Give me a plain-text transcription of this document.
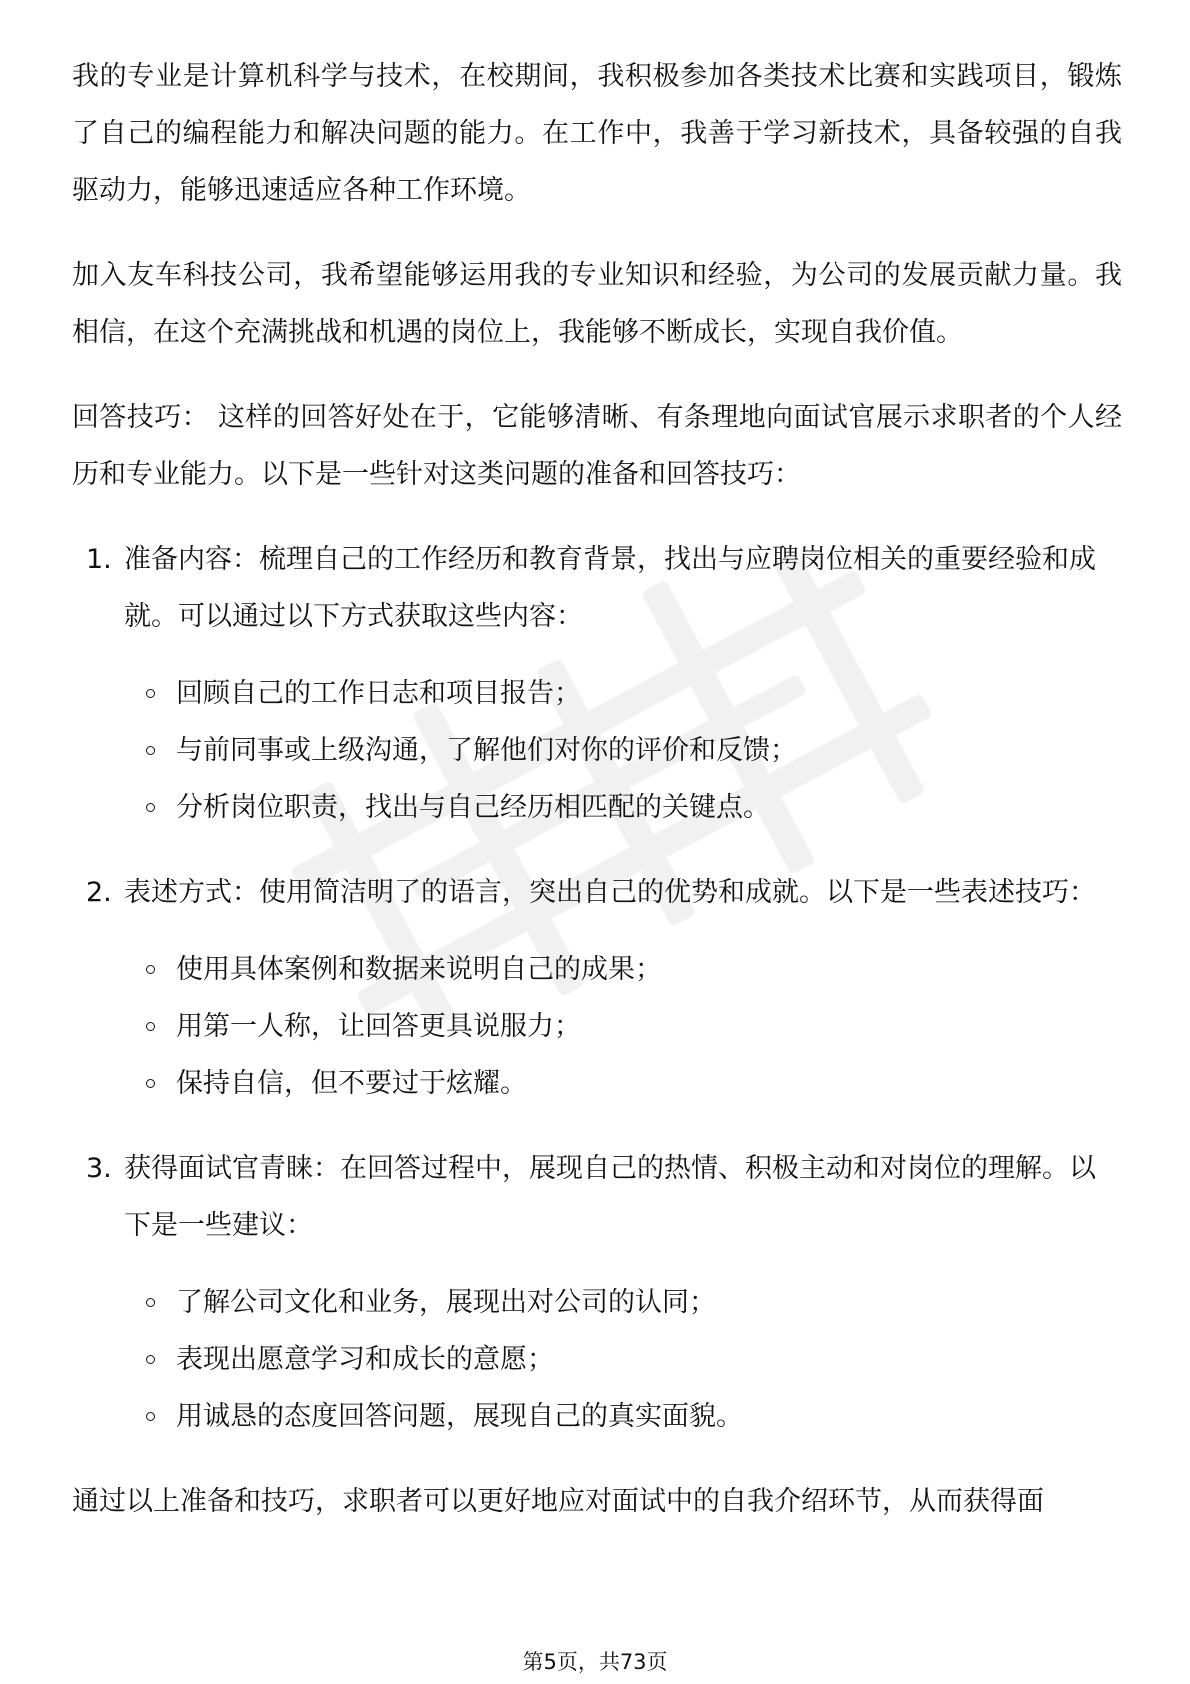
我的专业是计算机科学与技术，在校期间，我积极参加各类技术比赛和实践项目，锻炼了自己的编程能力和解决问题的能力。在工作中，我善于学习新技术，具备较强的自我驱动力，能够迅速适应各种工作环境。

加入友车科技公司，我希望能够运用我的专业知识和经验，为公司的发展贡献力量。我相信，在这个充满挑战和机遇的岗位上，我能够不断成长，实现自我价值。

回答技巧： 这样的回答好处在于，它能够清晰、有条理地向面试官展示求职者的个人经历和专业能力。以下是一些针对这类问题的准备和回答技巧：

1. 准备内容：梳理自己的工作经历和教育背景，找出与应聘岗位相关的重要经验和成就。可以通过以下方式获取这些内容：

回顾自己的工作日志和项目报告；
与前同事或上级沟通，了解他们对你的评价和反馈；
分析岗位职责，找出与自己经历相匹配的关键点。
2. 表述方式：使用简洁明了的语言，突出自己的优势和成就。以下是一些表述技巧：

使用具体案例和数据来说明自己的成果；
用第一人称，让回答更具说服力；
保持自信，但不要过于炫耀。
3. 获得面试官青睐：在回答过程中，展现自己的热情、积极主动和对岗位的理解。以下是一些建议：

了解公司文化和业务，展现出对公司的认同；
表现出愿意学习和成长的意愿；
用诚恳的态度回答问题，展现自己的真实面貌。

通过以上准备和技巧，求职者可以更好地应对面试中的自我介绍环节，从而获得面

第5页，共73页
